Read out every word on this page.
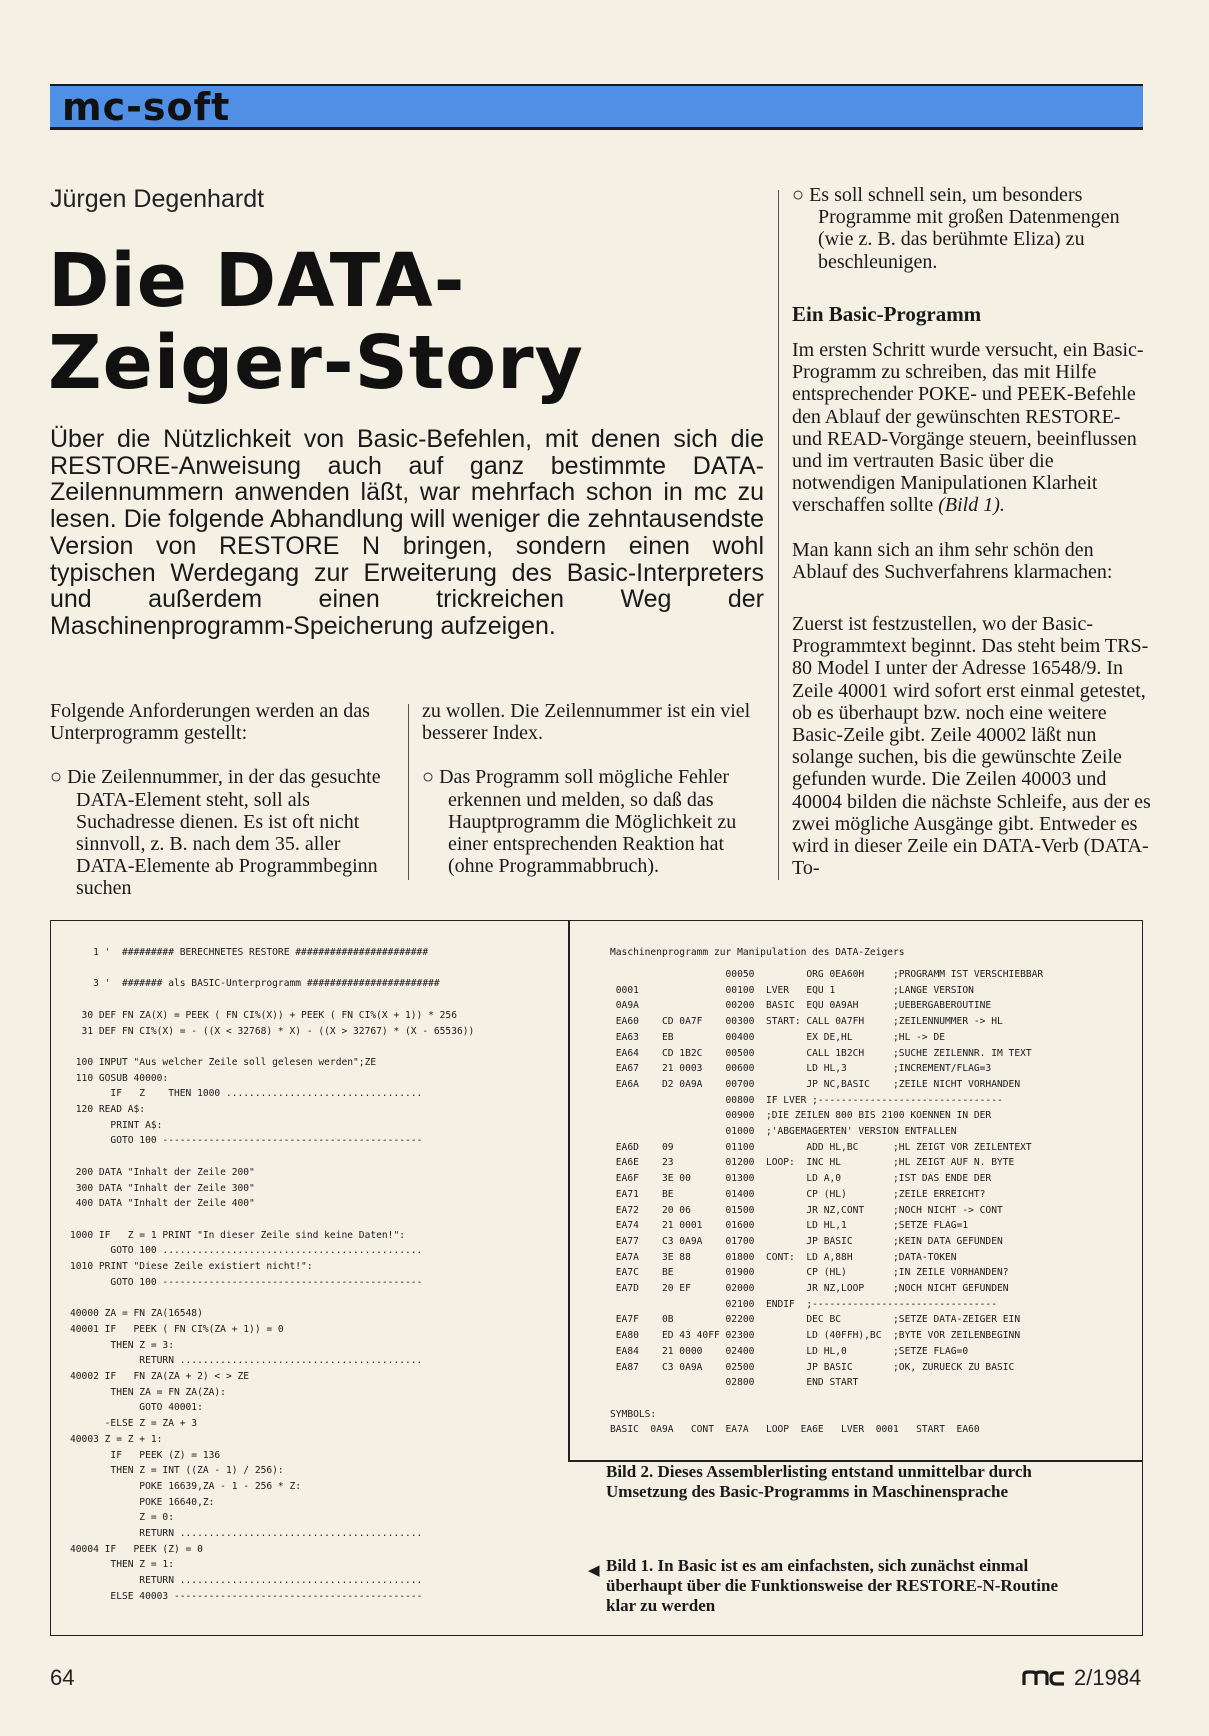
mc-soft
Jürgen Degenhardt
Die DATA-
Zeiger-Story
Über die Nützlichkeit von Basic-Befehlen, mit denen sich die RESTORE-Anweisung auch auf ganz bestimmte DATA-Zeilennummern anwenden läßt, war mehrfach schon in mc zu lesen. Die folgende Abhandlung will weniger die zehntausendste Version von RESTORE N bringen, sondern einen wohl typischen Werdegang zur Erweiterung des Basic-Interpreters und außerdem einen trickreichen Weg der Maschinenprogramm-Speicherung aufzeigen.

Folgende Anforderungen werden an das Unterprogramm gestellt:

○ Die Zeilennummer, in der das gesuchte DATA-Element steht, soll als Suchadresse dienen. Es ist oft nicht sinnvoll, z. B. nach dem 35. aller DATA-Elemente ab Programmbeginn suchen

zu wollen. Die Zeilennummer ist ein viel besserer Index.

○ Das Programm soll mögliche Fehler erkennen und melden, so daß das Hauptprogramm die Möglichkeit zu einer entsprechenden Reaktion hat (ohne Programmabbruch).

○ Es soll schnell sein, um besonders Programme mit großen Datenmengen (wie z. B. das berühmte Eliza) zu beschleunigen.

Ein Basic-Programm

Im ersten Schritt wurde versucht, ein Basic-Programm zu schreiben, das mit Hilfe entsprechender POKE- und PEEK-Befehle den Ablauf der gewünschten RESTORE- und READ-Vorgänge steuern, beeinflussen und im vertrauten Basic über die notwendigen Manipulationen Klarheit verschaffen sollte (Bild 1).

Man kann sich an ihm sehr schön den Ablauf des Suchverfahrens klarmachen:

Zuerst ist festzustellen, wo der Basic-Programmtext beginnt. Das steht beim TRS-80 Model I unter der Adresse 16548/9. In Zeile 40001 wird sofort erst einmal getestet, ob es überhaupt bzw. noch eine weitere Basic-Zeile gibt. Zeile 40002 läßt nun solange suchen, bis die gewünschte Zeile gefunden wurde. Die Zeilen 40003 und 40004 bilden die nächste Schleife, aus der es zwei mögliche Ausgänge gibt. Entweder es wird in dieser Zeile ein DATA-Verb (DATA-To-

1 '  ######### BERECHNETES RESTORE #######################

3 '  ####### als BASIC-Unterprogramm #######################

30 DEF FN ZA(X) = PEEK ( FN CI%(X)) + PEEK ( FN CI%(X + 1)) * 256
31 DEF FN CI%(X) = - ((X < 32768) * X) - ((X > 32767) * (X - 65536))

100 INPUT "Aus welcher Zeile soll gelesen werden";ZE
110 GOSUB 40000:
IF   Z    THEN 1000 ..................................
120 READ A$:
PRINT A$:
GOTO 100 ---------------------------------------------

200 DATA "Inhalt der Zeile 200"
300 DATA "Inhalt der Zeile 300"
400 DATA "Inhalt der Zeile 400"

1000 IF   Z = 1 PRINT "In dieser Zeile sind keine Daten!":
GOTO 100 .............................................
1010 PRINT "Diese Zeile existiert nicht!":
GOTO 100 ---------------------------------------------

40000 ZA = FN ZA(16548)
40001 IF   PEEK ( FN CI%(ZA + 1)) = 0
THEN Z = 3:
RETURN ..........................................
40002 IF   FN ZA(ZA + 2) < > ZE
THEN ZA = FN ZA(ZA):
GOTO 40001:
-ELSE Z = ZA + 3
40003 Z = Z + 1:
IF   PEEK (Z) = 136
THEN Z = INT ((ZA - 1) / 256):
POKE 16639,ZA - 1 - 256 * Z:
POKE 16640,Z:
Z = 0:
RETURN ..........................................
40004 IF   PEEK (Z) = 0
THEN Z = 1:
RETURN ..........................................
ELSE 40003 -------------------------------------------
Maschinenprogramm zur Manipulation des DATA-Zeigers
00050         ORG 0EA60H     ;PROGRAMM IST VERSCHIEBBAR
0001               00100  LVER   EQU 1          ;LANGE VERSION
0A9A               00200  BASIC  EQU 0A9AH      ;UEBERGABEROUTINE
EA60    CD 0A7F    00300  START: CALL 0A7FH     ;ZEILENNUMMER -> HL
EA63    EB         00400         EX DE,HL       ;HL -> DE
EA64    CD 1B2C    00500         CALL 1B2CH     ;SUCHE ZEILENNR. IM TEXT
EA67    21 0003    00600         LD HL,3        ;INCREMENT/FLAG=3
EA6A    D2 0A9A    00700         JP NC,BASIC    ;ZEILE NICHT VORHANDEN
00800  IF LVER ;--------------------------------
00900  ;DIE ZEILEN 800 BIS 2100 KOENNEN IN DER
01000  ;'ABGEMAGERTEN' VERSION ENTFALLEN
EA6D    09         01100         ADD HL,BC      ;HL ZEIGT VOR ZEILENTEXT
EA6E    23         01200  LOOP:  INC HL         ;HL ZEIGT AUF N. BYTE
EA6F    3E 00      01300         LD A,0         ;IST DAS ENDE DER
EA71    BE         01400         CP (HL)        ;ZEILE ERREICHT?
EA72    20 06      01500         JR NZ,CONT     ;NOCH NICHT -> CONT
EA74    21 0001    01600         LD HL,1        ;SETZE FLAG=1
EA77    C3 0A9A    01700         JP BASIC       ;KEIN DATA GEFUNDEN
EA7A    3E 88      01800  CONT:  LD A,88H       ;DATA-TOKEN
EA7C    BE         01900         CP (HL)        ;IN ZEILE VORHANDEN?
EA7D    20 EF      02000         JR NZ,LOOP     ;NOCH NICHT GEFUNDEN
02100  ENDIF  ;--------------------------------
EA7F    0B         02200         DEC BC         ;SETZE DATA-ZEIGER EIN
EA80    ED 43 40FF 02300         LD (40FFH),BC  ;BYTE VOR ZEILENBEGINN
EA84    21 0000    02400         LD HL,0        ;SETZE FLAG=0
EA87    C3 0A9A    02500         JP BASIC       ;OK, ZURUECK ZU BASIC
02800         END START

SYMBOLS:
BASIC  0A9A   CONT  EA7A   LOOP  EA6E   LVER  0001   START  EA60
Bild 2. Dieses Assemblerlisting entstand unmittelbar durch Umsetzung des Basic-Programms in Maschinensprache
◀ Bild 1. In Basic ist es am einfachsten, sich zunächst einmal überhaupt über die Funktionsweise der RESTORE-N-Routine klar zu werden
64	2/1984
